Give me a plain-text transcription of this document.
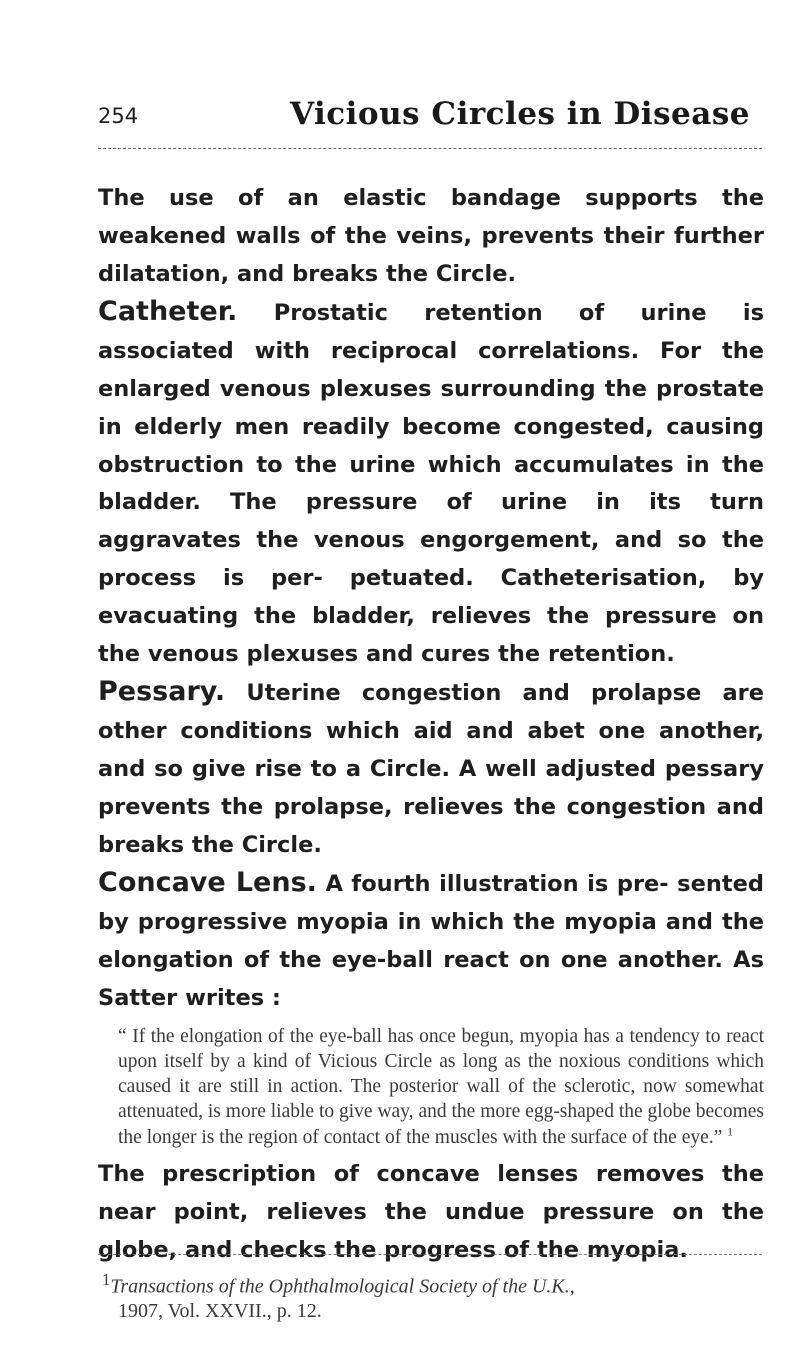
254	Vicious Circles in Disease

The use of an elastic bandage supports the weakened walls of the veins, prevents their further dilatation, and breaks the Circle.

Catheter. Prostatic retention of urine is associated with reciprocal correlations. For the enlarged venous plexuses surrounding the prostate in elderly men readily become congested, causing obstruction to the urine which accumulates in the bladder. The pressure of urine in its turn aggravates the venous engorgement, and so the process is per- petuated. Catheterisation, by evacuating the bladder, relieves the pressure on the venous plexuses and cures the retention.

Pessary. Uterine congestion and prolapse are other conditions which aid and abet one another, and so give rise to a Circle. A well adjusted pessary prevents the prolapse, relieves the congestion and breaks the Circle.

Concave Lens. A fourth illustration is pre- sented by progressive myopia in which the myopia and the elongation of the eye-ball react on one another. As Satter writes :

“ If the elongation of the eye-ball has once begun, myopia has a tendency to react upon itself by a kind of Vicious Circle as long as the noxious conditions which caused it are still in action. The posterior wall of the sclerotic, now somewhat attenuated, is more liable to give way, and the more egg-shaped the globe becomes the longer is the region of contact of the muscles with the surface of the eye.” $^1$

The prescription of concave lenses removes the near point, relieves the undue pressure on the globe, and checks the progress of the myopia.

$^1$Transactions of the Ophthalmological Society of the U.K.,
1907, Vol. XXVII., p. 12.
